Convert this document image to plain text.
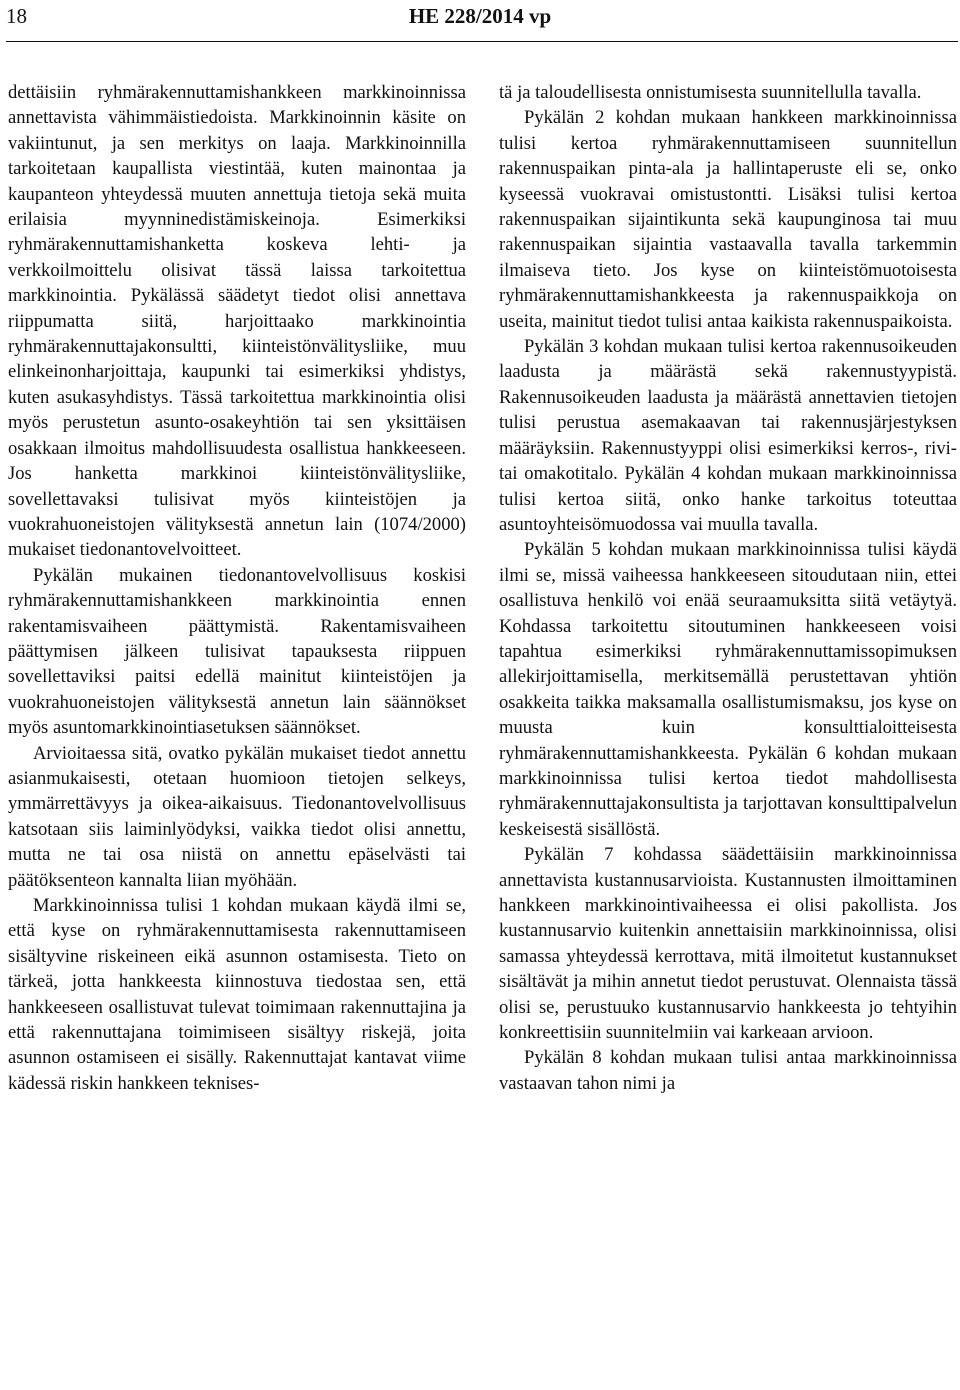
18	HE 228/2014 vp

dettäisiin ryhmärakennuttamishankkeen markkinoinnissa annettavista vähimmäistiedoista. Markkinoinnin käsite on vakiintunut, ja sen merkitys on laaja. Markkinoinnilla tarkoitetaan kaupallista viestintää, kuten mainontaa ja kaupanteon yhteydessä muuten annettuja tietoja sekä muita erilaisia myynninedistämiskeinoja. Esimerkiksi ryhmärakennuttamishanketta koskeva lehti- ja verkkoilmoittelu olisivat tässä laissa tarkoitettua markkinointia. Pykälässä säädetyt tiedot olisi annettava riippumatta siitä, harjoittaako markkinointia ryhmärakennuttajakonsultti, kiinteistönvälitysliike, muu elinkeinonharjoittaja, kaupunki tai esimerkiksi yhdistys, kuten asukasyhdistys. Tässä tarkoitettua markkinointia olisi myös perustetun asunto-osakeyhtiön tai sen yksittäisen osakkaan ilmoitus mahdollisuudesta osallistua hankkeeseen. Jos hanketta markkinoi kiinteistönvälitysliike, sovellettavaksi tulisivat myös kiinteistöjen ja vuokrahuoneistojen välityksestä annetun lain (1074/2000) mukaiset tiedonantovelvoitteet.

Pykälän mukainen tiedonantovelvollisuus koskisi ryhmärakennuttamishankkeen markkinointia ennen rakentamisvaiheen päättymistä. Rakentamisvaiheen päättymisen jälkeen tulisivat tapauksesta riippuen sovellettaviksi paitsi edellä mainitut kiinteistöjen ja vuokrahuoneistojen välityksestä annetun lain säännökset myös asuntomarkkinointiasetuksen säännökset.

Arvioitaessa sitä, ovatko pykälän mukaiset tiedot annettu asianmukaisesti, otetaan huomioon tietojen selkeys, ymmärrettävyys ja oikea-aikaisuus. Tiedonantovelvollisuus katsotaan siis laiminlyödyksi, vaikka tiedot olisi annettu, mutta ne tai osa niistä on annettu epäselvästi tai päätöksenteon kannalta liian myöhään.

Markkinoinnissa tulisi 1 kohdan mukaan käydä ilmi se, että kyse on ryhmärakennuttamisesta rakennuttamiseen sisältyvine riskeineen eikä asunnon ostamisesta. Tieto on tärkeä, jotta hankkeesta kiinnostuva tiedostaa sen, että hankkeeseen osallistuvat tulevat toimimaan rakennuttajina ja että rakennuttajana toimimiseen sisältyy riskejä, joita asunnon ostamiseen ei sisälly. Rakennuttajat kantavat viime kädessä riskin hankkeen teknises-

tä ja taloudellisesta onnistumisesta suunnitellulla tavalla.

Pykälän 2 kohdan mukaan hankkeen markkinoinnissa tulisi kertoa ryhmärakennuttamiseen suunnitellun rakennuspaikan pinta-ala ja hallintaperuste eli se, onko kyseessä vuokravai omistustontti. Lisäksi tulisi kertoa rakennuspaikan sijaintikunta sekä kaupunginosa tai muu rakennuspaikan sijaintia vastaavalla tavalla tarkemmin ilmaiseva tieto. Jos kyse on kiinteistömuotoisesta ryhmärakennuttamishankkeesta ja rakennuspaikkoja on useita, mainitut tiedot tulisi antaa kaikista rakennuspaikoista.

Pykälän 3 kohdan mukaan tulisi kertoa rakennusoikeuden laadusta ja määrästä sekä rakennustyypistä. Rakennusoikeuden laadusta ja määrästä annettavien tietojen tulisi perustua asemakaavan tai rakennusjärjestyksen määräyksiin. Rakennustyyppi olisi esimerkiksi kerros-, rivi- tai omakotitalo. Pykälän 4 kohdan mukaan markkinoinnissa tulisi kertoa siitä, onko hanke tarkoitus toteuttaa asuntoyhteisömuodossa vai muulla tavalla.

Pykälän 5 kohdan mukaan markkinoinnissa tulisi käydä ilmi se, missä vaiheessa hankkeeseen sitoudutaan niin, ettei osallistuva henkilö voi enää seuraamuksitta siitä vetäytyä. Kohdassa tarkoitettu sitoutuminen hankkeeseen voisi tapahtua esimerkiksi ryhmärakennuttamissopimuksen allekirjoittamisella, merkitsemällä perustettavan yhtiön osakkeita taikka maksamalla osallistumismaksu, jos kyse on muusta kuin konsulttialoitteisesta ryhmärakennuttamishankkeesta. Pykälän 6 kohdan mukaan markkinoinnissa tulisi kertoa tiedot mahdollisesta ryhmärakennuttajakonsultista ja tarjottavan konsulttipalvelun keskeisestä sisällöstä.

Pykälän 7 kohdassa säädettäisiin markkinoinnissa annettavista kustannusarvioista. Kustannusten ilmoittaminen hankkeen markkinointivaiheessa ei olisi pakollista. Jos kustannusarvio kuitenkin annettaisiin markkinoinnissa, olisi samassa yhteydessä kerrottava, mitä ilmoitetut kustannukset sisältävät ja mihin annetut tiedot perustuvat. Olennaista tässä olisi se, perustuuko kustannusarvio hankkeesta jo tehtyihin konkreettisiin suunnitelmiin vai karkeaan arvioon.

Pykälän 8 kohdan mukaan tulisi antaa markkinoinnissa vastaavan tahon nimi ja
